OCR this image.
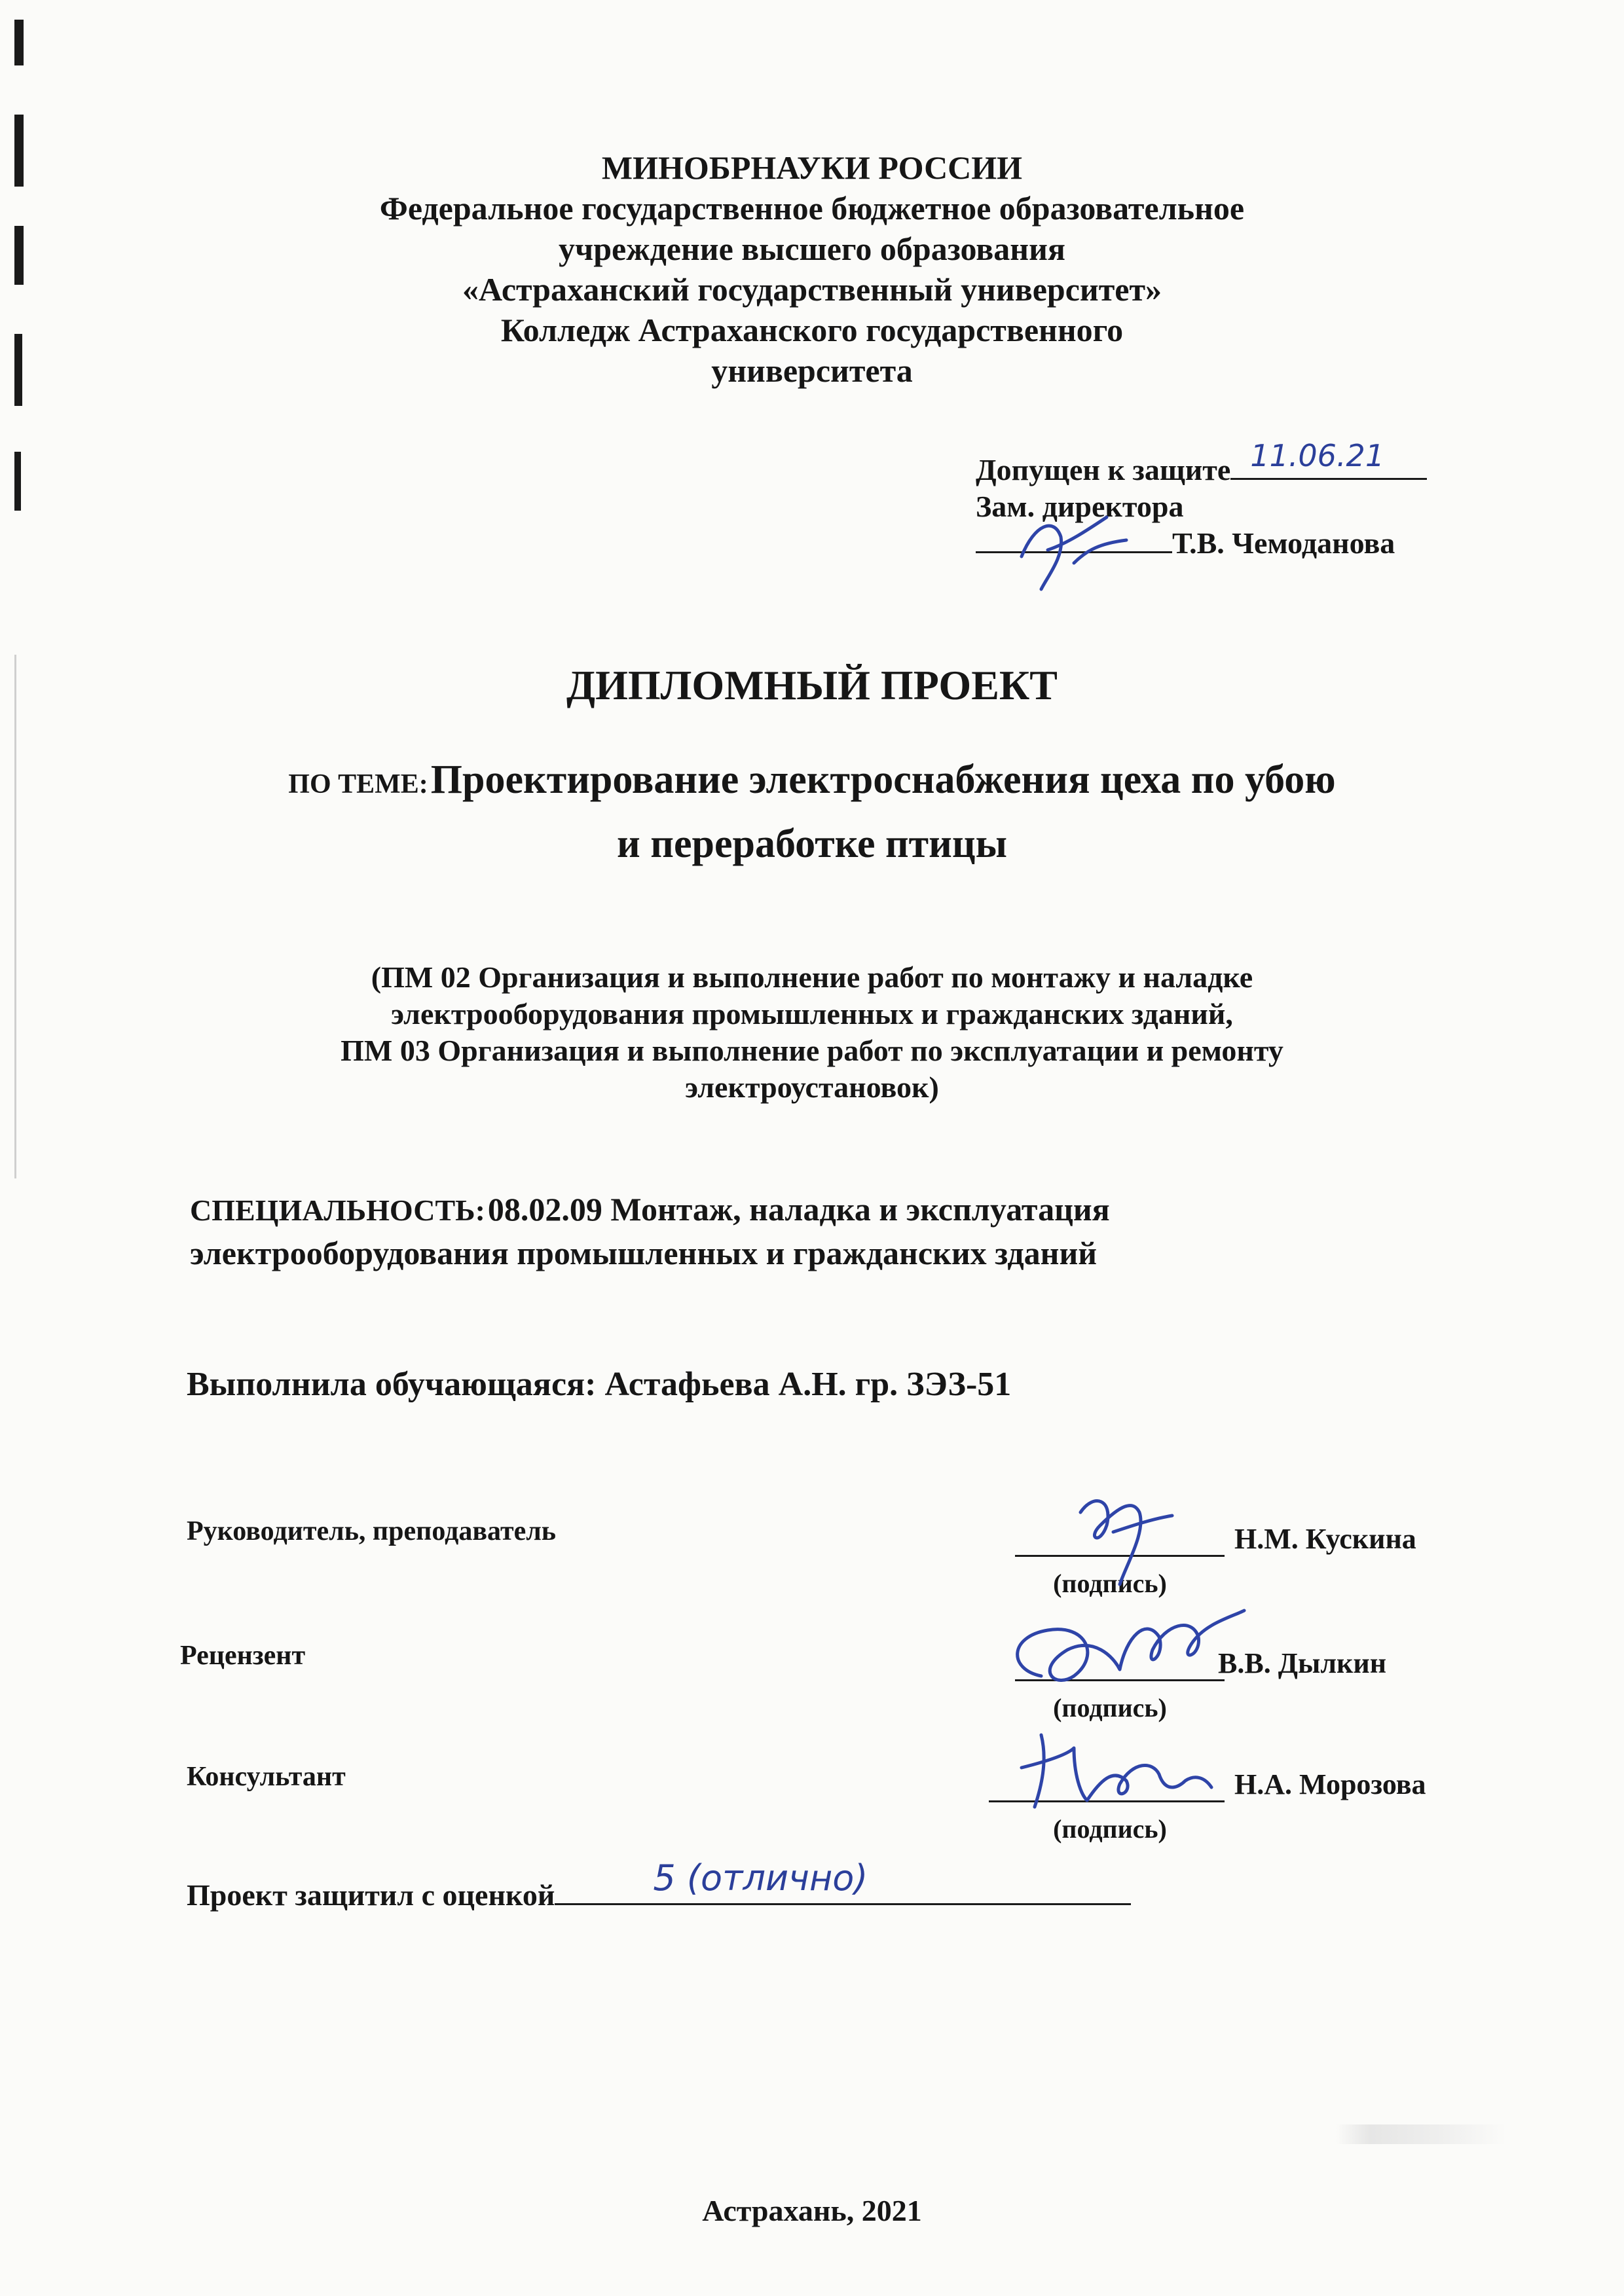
МИНОБРНАУКИ РОССИИ
Федеральное государственное бюджетное образовательное
учреждение высшего образования
«Астраханский государственный университет»
Колледж Астраханского государственного
университета
Допущен к защите 11.06.21
Зам. директора
Т.В. Чемоданова
ДИПЛОМНЫЙ ПРОЕКТ
ПО ТЕМЕ: Проектирование электроснабжения цеха по убою
и переработке птицы
(ПМ 02 Организация и выполнение работ по монтажу и наладке
электрооборудования промышленных и гражданских зданий,
ПМ 03 Организация и выполнение работ по эксплуатации и ремонту
электроустановок)
СПЕЦИАЛЬНОСТЬ: 08.02.09 Монтаж, наладка и эксплуатация
электрооборудования промышленных и гражданских зданий
Выполнила обучающаяся: Астафьева А.Н. гр. ЗЭЗ-51
Руководитель, преподаватель	Н.М. Кускина
(подпись)
Рецензент	В.В. Дылкин
(подпись)
Консультант	Н.А. Морозова
(подпись)
Проект защитил с оценкой	5 (отлично)
Астрахань, 2021
